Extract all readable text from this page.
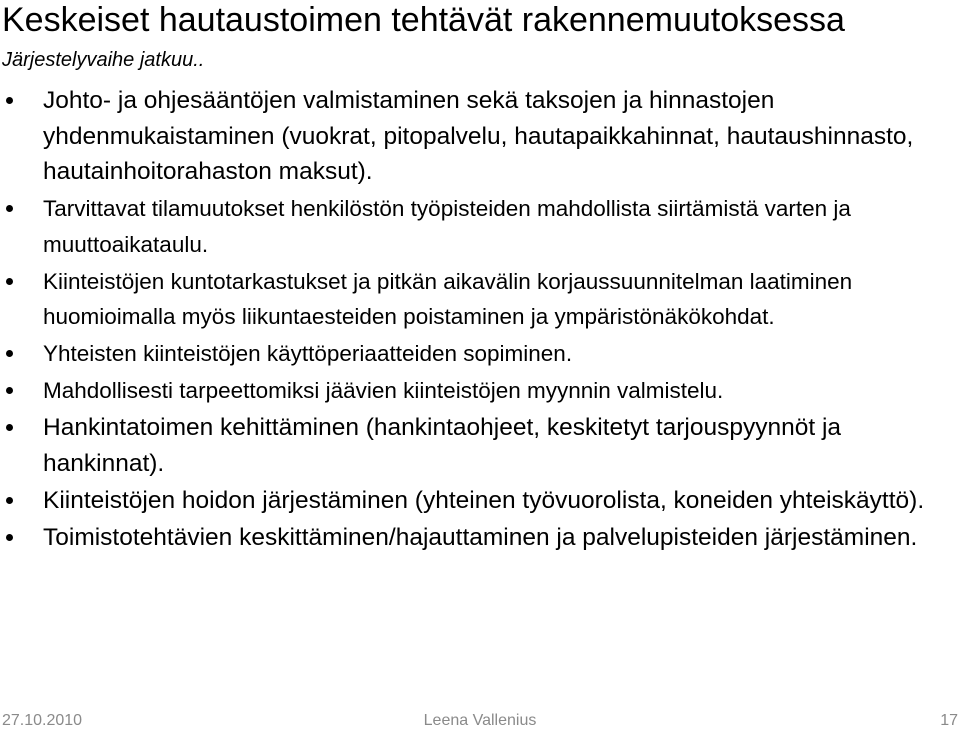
Keskeiset hautaustoimen tehtävät rakennemuutoksessa
Järjestelyvaihe jatkuu..
Johto- ja ohjesääntöjen valmistaminen sekä taksojen ja hinnastojen yhdenmukaistaminen (vuokrat, pitopalvelu, hautapaikkahinnat, hautaushinnasto, hautainhoitorahaston maksut).
Tarvittavat tilamuutokset henkilöstön työpisteiden mahdollista siirtämistä varten ja muuttoaikataulu.
Kiinteistöjen kuntotarkastukset ja pitkän aikavälin korjaussuunnitelman laatiminen huomioimalla myös liikuntaesteiden poistaminen ja ympäristönäkökohdat.
Yhteisten kiinteistöjen käyttöperiaatteiden sopiminen.
Mahdollisesti tarpeettomiksi jäävien kiinteistöjen myynnin valmistelu.
Hankintatoimen kehittäminen (hankintaohjeet, keskitetyt tarjouspyynnöt ja hankinnat).
Kiinteistöjen hoidon järjestäminen (yhteinen työvuorolista, koneiden yhteiskäyttö).
Toimistotehtävien keskittäminen/hajauttaminen ja palvelupisteiden järjestäminen.
27.10.2010	Leena Vallenius	17
